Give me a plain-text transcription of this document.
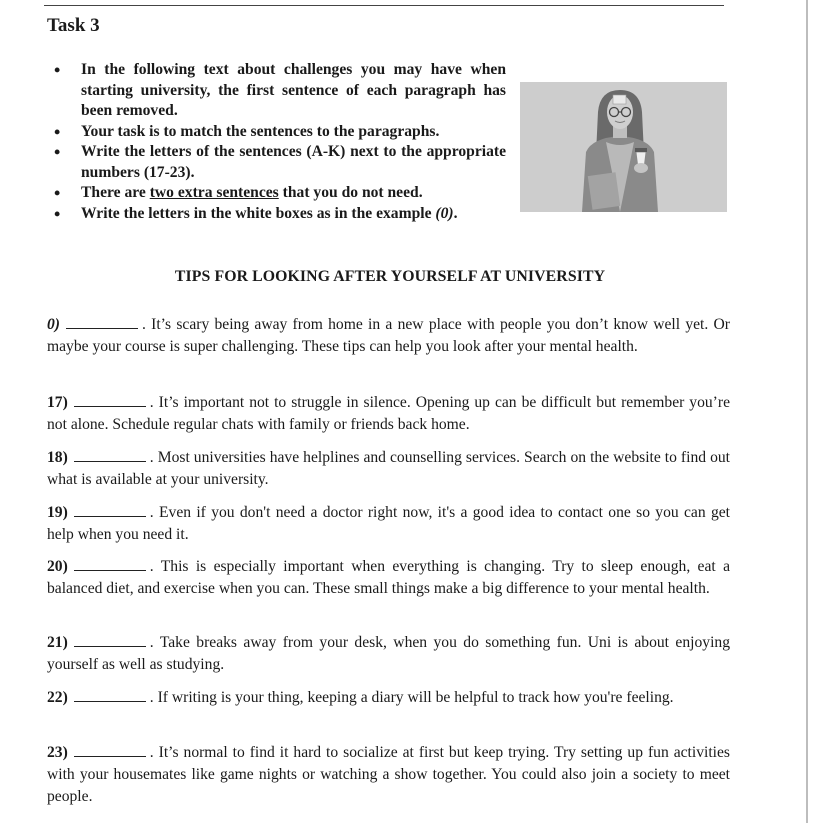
Task 3
• In the following text about challenges you may have when starting university, the first sentence of each paragraph has been removed.
• Your task is to match the sentences to the paragraphs.
• Write the letters of the sentences (A-K) next to the appropriate numbers (17-23).
• There are two extra sentences that you do not need.
• Write the letters in the white boxes as in the example (0).
TIPS FOR LOOKING AFTER YOURSELF AT UNIVERSITY

0)	. It’s scary being away from home in a new place with people you don’t know well yet. Or maybe your course is super challenging. These tips can help you look after your mental health.

17)	. It’s important not to struggle in silence. Opening up can be difficult but remember you’re not alone. Schedule regular chats with family or friends back home.

18)	. Most universities have helplines and counselling services. Search on the website to find out what is available at your university.

19)	. Even if you don't need a doctor right now, it's a good idea to contact one so you can get help when you need it.

20)	. This is especially important when everything is changing. Try to sleep enough, eat a balanced diet, and exercise when you can. These small things make a big difference to your mental health.

21)	. Take breaks away from your desk, when you do something fun. Uni is about enjoying yourself as well as studying.

22)	. If writing is your thing, keeping a diary will be helpful to track how you're feeling.

23)	. It’s normal to find it hard to socialize at first but keep trying. Try setting up fun activities with your housemates like game nights or watching a show together. You could also join a society to meet people.
